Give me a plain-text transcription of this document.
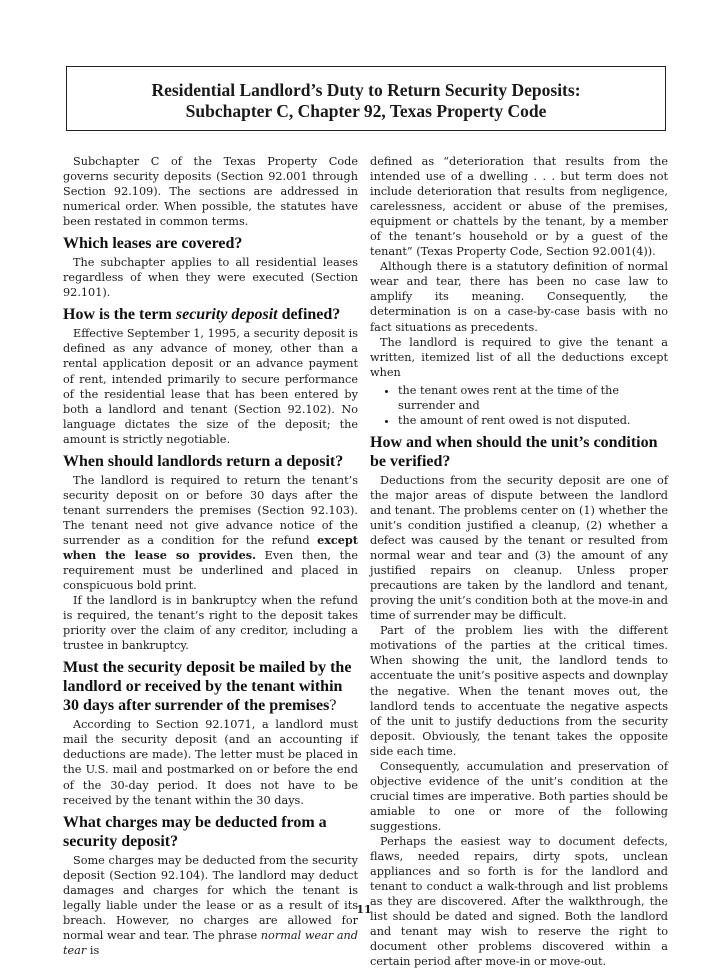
Residential Landlord’s Duty to Return Security Deposits:
Subchapter C, Chapter 92, Texas Property Code

Subchapter C of the Texas Property Code governs security deposits (Section 92.001 through Section 92.109). The sections are addressed in numerical order. When possible, the statutes have been restated in common terms.

Which leases are covered?

The subchapter applies to all residential leases regardless of when they were executed (Section 92.101).

How is the term security deposit defined?

Effective September 1, 1995, a security deposit is defined as any advance of money, other than a rental application deposit or an advance payment of rent, intended primarily to secure performance of the residential lease that has been entered by both a landlord and tenant (Section 92.102). No language dictates the size of the deposit; the amount is strictly negotiable.

When should landlords return a deposit?

The landlord is required to return the tenant’s security deposit on or before 30 days after the tenant surrenders the premises (Section 92.103). The tenant need not give advance notice of the surrender as a condition for the refund except when the lease so provides. Even then, the requirement must be underlined and placed in conspicuous bold print.

If the landlord is in bankruptcy when the refund is required, the tenant’s right to the deposit takes priority over the claim of any creditor, including a trustee in bankruptcy.

Must the security deposit be mailed by the landlord or received by the tenant within 30 days after surrender of the premises?

According to Section 92.1071, a landlord must mail the security deposit (and an accounting if deductions are made). The letter must be placed in the U.S. mail and postmarked on or before the end of the 30-day period. It does not have to be received by the tenant within the 30 days.

What charges may be deducted from a security deposit?

Some charges may be deducted from the security deposit (Section 92.104). The landlord may deduct damages and charges for which the tenant is legally liable under the lease or as a result of its breach. However, no charges are allowed for normal wear and tear. The phrase normal wear and tear is

defined as “deterioration that results from the intended use of a dwelling . . . but term does not include deterioration that results from negligence, carelessness, accident or abuse of the premises, equipment or chattels by the tenant, by a member of the tenant’s household or by a guest of the tenant” (Texas Property Code, Section 92.001(4)).

Although there is a statutory definition of normal wear and tear, there has been no case law to amplify its meaning. Consequently, the determination is on a case-by-case basis with no fact situations as precedents.

The landlord is required to give the tenant a written, itemized list of all the deductions except when

• the tenant owes rent at the time of the surrender and
• the amount of rent owed is not disputed.
How and when should the unit’s condition be verified?

Deductions from the security deposit are one of the major areas of dispute between the landlord and tenant. The problems center on (1) whether the unit’s condition justified a cleanup, (2) whether a defect was caused by the tenant or resulted from normal wear and tear and (3) the amount of any justified repairs on cleanup. Unless proper precautions are taken by the landlord and tenant, proving the unit’s condition both at the move-in and time of surrender may be difficult.

Part of the problem lies with the different motivations of the parties at the critical times. When showing the unit, the landlord tends to accentuate the unit’s positive aspects and downplay the negative. When the tenant moves out, the landlord tends to accentuate the negative aspects of the unit to justify deductions from the security deposit. Obviously, the tenant takes the opposite side each time.

Consequently, accumulation and preservation of objective evidence of the unit’s condition at the crucial times are imperative. Both parties should be amiable to one or more of the following suggestions.

Perhaps the easiest way to document defects, flaws, needed repairs, dirty spots, unclean appliances and so forth is for the landlord and tenant to conduct a walk-through and list problems as they are discovered. After the walkthrough, the list should be dated and signed. Both the landlord and tenant may wish to reserve the right to document other problems discovered within a certain period after move-in or move-out.

11
